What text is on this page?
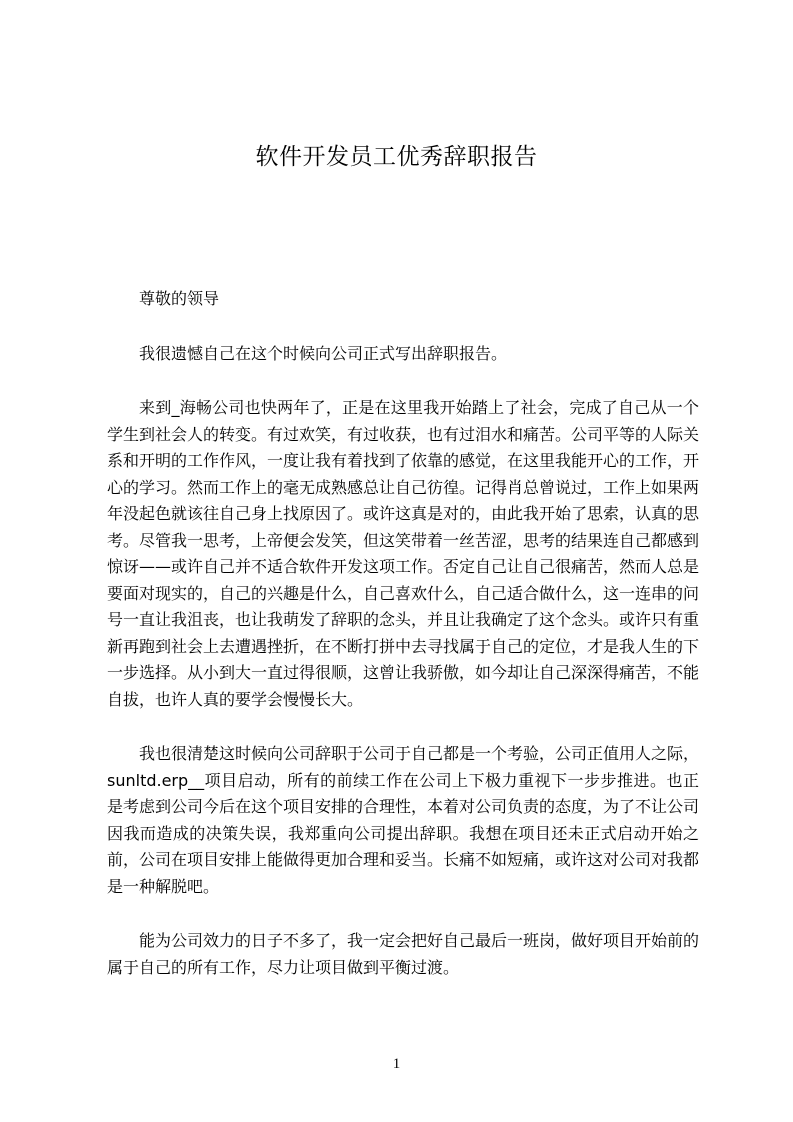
软件开发员工优秀辞职报告

尊敬的领导

我很遗憾自己在这个时候向公司正式写出辞职报告。

来到_海畅公司也快两年了，正是在这里我开始踏上了社会，完成了自己从一个学生到社会人的转变。有过欢笑，有过收获，也有过泪水和痛苦。公司平等的人际关系和开明的工作作风，一度让我有着找到了依靠的感觉，在这里我能开心的工作，开心的学习。然而工作上的毫无成熟感总让自己彷徨。记得肖总曾说过，工作上如果两年没起色就该往自己身上找原因了。或许这真是对的，由此我开始了思索，认真的思考。尽管我一思考，上帝便会发笑，但这笑带着一丝苦涩，思考的结果连自己都感到惊讶——或许自己并不适合软件开发这项工作。否定自己让自己很痛苦，然而人总是要面对现实的，自己的兴趣是什么，自己喜欢什么，自己适合做什么，这一连串的问号一直让我沮丧，也让我萌发了辞职的念头，并且让我确定了这个念头。或许只有重新再跑到社会上去遭遇挫折，在不断打拼中去寻找属于自己的定位，才是我人生的下一步选择。从小到大一直过得很顺，这曾让我骄傲，如今却让自己深深得痛苦，不能自拔，也许人真的要学会慢慢长大。

我也很清楚这时候向公司辞职于公司于自己都是一个考验，公司正值用人之际，sunltd.erp__项目启动，所有的前续工作在公司上下极力重视下一步步推进。也正是考虑到公司今后在这个项目安排的合理性，本着对公司负责的态度，为了不让公司因我而造成的决策失误，我郑重向公司提出辞职。我想在项目还未正式启动开始之前，公司在项目安排上能做得更加合理和妥当。长痛不如短痛，或许这对公司对我都是一种解脱吧。

能为公司效力的日子不多了，我一定会把好自己最后一班岗，做好项目开始前的属于自己的所有工作，尽力让项目做到平衡过渡。

1
